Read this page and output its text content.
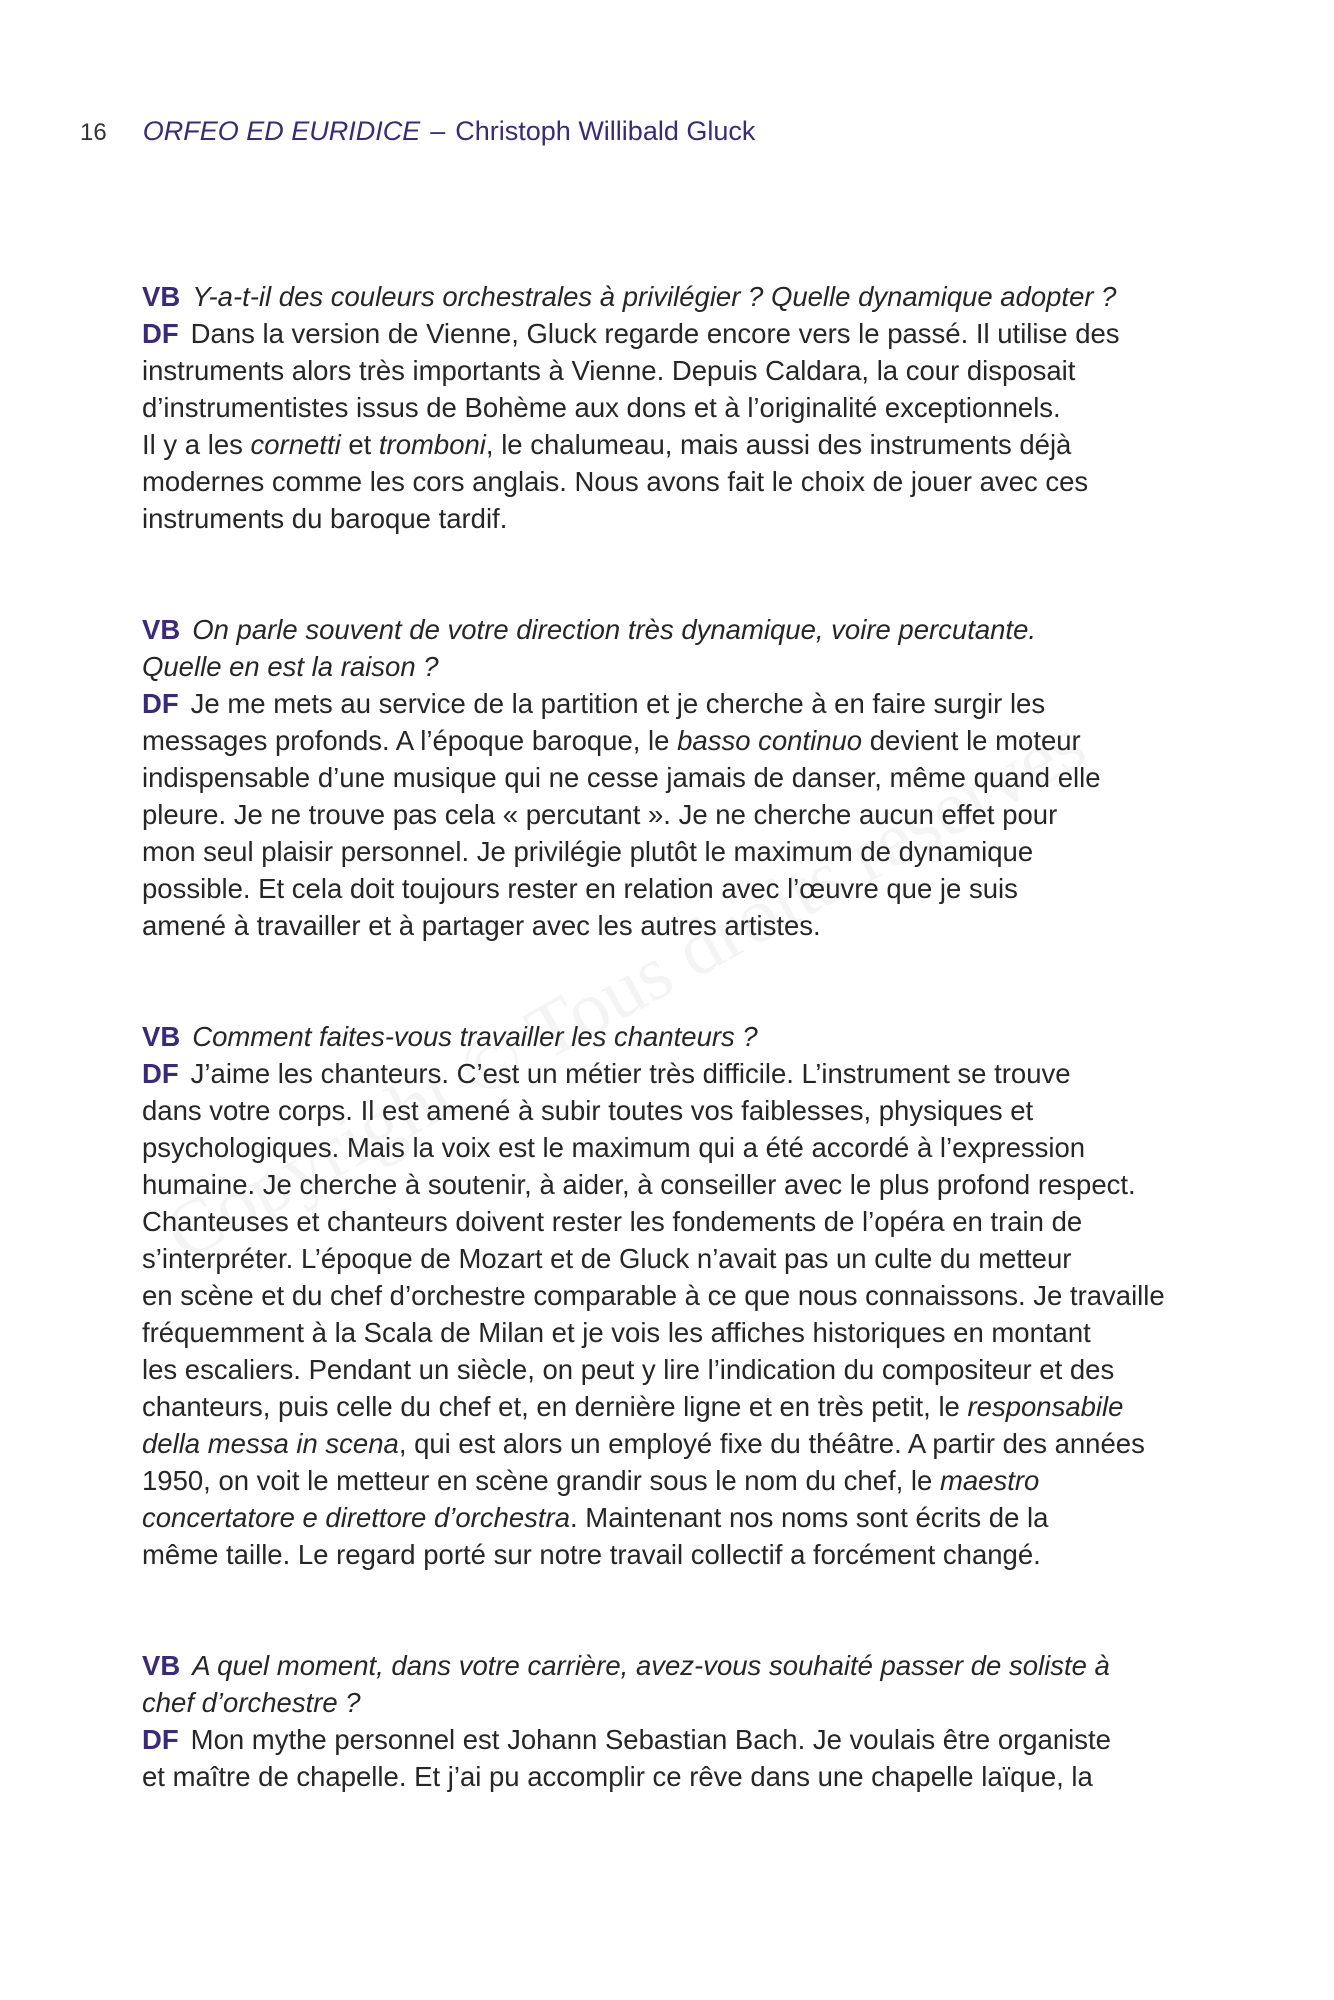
16 ORFEO ED EURIDICE – Christoph Willibald Gluck
VB Y-a-t-il des couleurs orchestrales à privilégier ? Quelle dynamique adopter ?
DF Dans la version de Vienne, Gluck regarde encore vers le passé. Il utilise des
instruments alors très importants à Vienne. Depuis Caldara, la cour disposait
d’instrumentistes issus de Bohème aux dons et à l’originalité exceptionnels.
Il y a les cornetti et tromboni, le chalumeau, mais aussi des instruments déjà
modernes comme les cors anglais. Nous avons fait le choix de jouer avec ces
instruments du baroque tardif.
VB On parle souvent de votre direction très dynamique, voire percutante.
Quelle en est la raison ?
DF Je me mets au service de la partition et je cherche à en faire surgir les
messages profonds. A l’époque baroque, le basso continuo devient le moteur
indispensable d’une musique qui ne cesse jamais de danser, même quand elle
pleure. Je ne trouve pas cela « percutant ». Je ne cherche aucun effet pour
mon seul plaisir personnel. Je privilégie plutôt le maximum de dynamique
possible. Et cela doit toujours rester en relation avec l’œuvre que je suis
amené à travailler et à partager avec les autres artistes.
VB Comment faites-vous travailler les chanteurs ?
DF J’aime les chanteurs. C’est un métier très difficile. L’instrument se trouve
dans votre corps. Il est amené à subir toutes vos faiblesses, physiques et
psychologiques. Mais la voix est le maximum qui a été accordé à l’expression
humaine. Je cherche à soutenir, à aider, à conseiller avec le plus profond respect.
Chanteuses et chanteurs doivent rester les fondements de l’opéra en train de
s’interpréter. L’époque de Mozart et de Gluck n’avait pas un culte du metteur
en scène et du chef d’orchestre comparable à ce que nous connaissons. Je travaille
fréquemment à la Scala de Milan et je vois les affiches historiques en montant
les escaliers. Pendant un siècle, on peut y lire l’indication du compositeur et des
chanteurs, puis celle du chef et, en dernière ligne et en très petit, le responsabile
della messa in scena, qui est alors un employé fixe du théâtre. A partir des années
1950, on voit le metteur en scène grandir sous le nom du chef, le maestro
concertatore e direttore d’orchestra. Maintenant nos noms sont écrits de la
même taille. Le regard porté sur notre travail collectif a forcément changé.
VB A quel moment, dans votre carrière, avez-vous souhaité passer de soliste à
chef d’orchestre ?
DF Mon mythe personnel est Johann Sebastian Bach. Je voulais être organiste
et maître de chapelle. Et j’ai pu accomplir ce rêve dans une chapelle laïque, la
